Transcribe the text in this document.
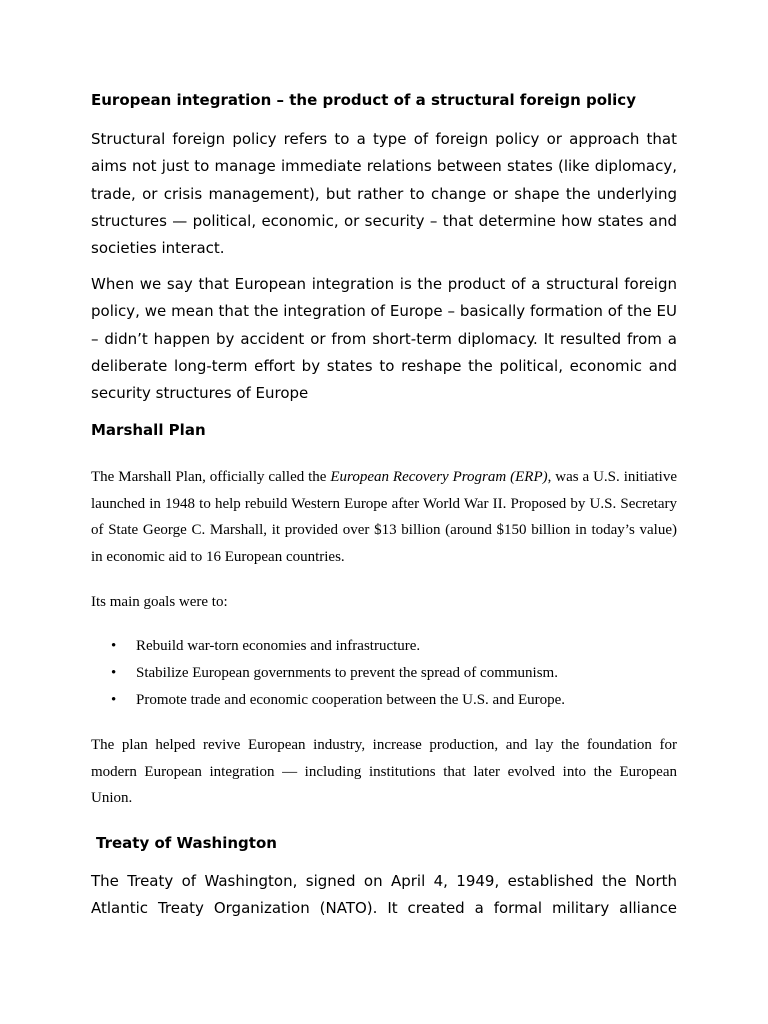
European integration – the product of a structural foreign policy

Structural foreign policy refers to a type of foreign policy or approach that aims not just to manage immediate relations between states (like diplomacy, trade, or crisis management), but rather to change or shape the underlying structures — political, economic, or security – that determine how states and societies interact.

When we say that European integration is the product of a structural foreign policy, we mean that the integration of Europe – basically formation of the EU – didn’t happen by accident or from short-term diplomacy. It resulted from a deliberate long-term effort by states to reshape the political, economic and security structures of Europe

Marshall Plan

The Marshall Plan, officially called the European Recovery Program (ERP), was a U.S. initiative launched in 1948 to help rebuild Western Europe after World War II. Proposed by U.S. Secretary of State George C. Marshall, it provided over $13 billion (around $150 billion in today’s value) in economic aid to 16 European countries.

Its main goals were to:

• Rebuild war-torn economies and infrastructure.
• Stabilize European governments to prevent the spread of communism.
• Promote trade and economic cooperation between the U.S. and Europe.

The plan helped revive European industry, increase production, and lay the foundation for modern European integration — including institutions that later evolved into the European Union.

Treaty of Washington

The Treaty of Washington, signed on April 4, 1949, established the North Atlantic Treaty Organization (NATO). It created a formal military alliance
